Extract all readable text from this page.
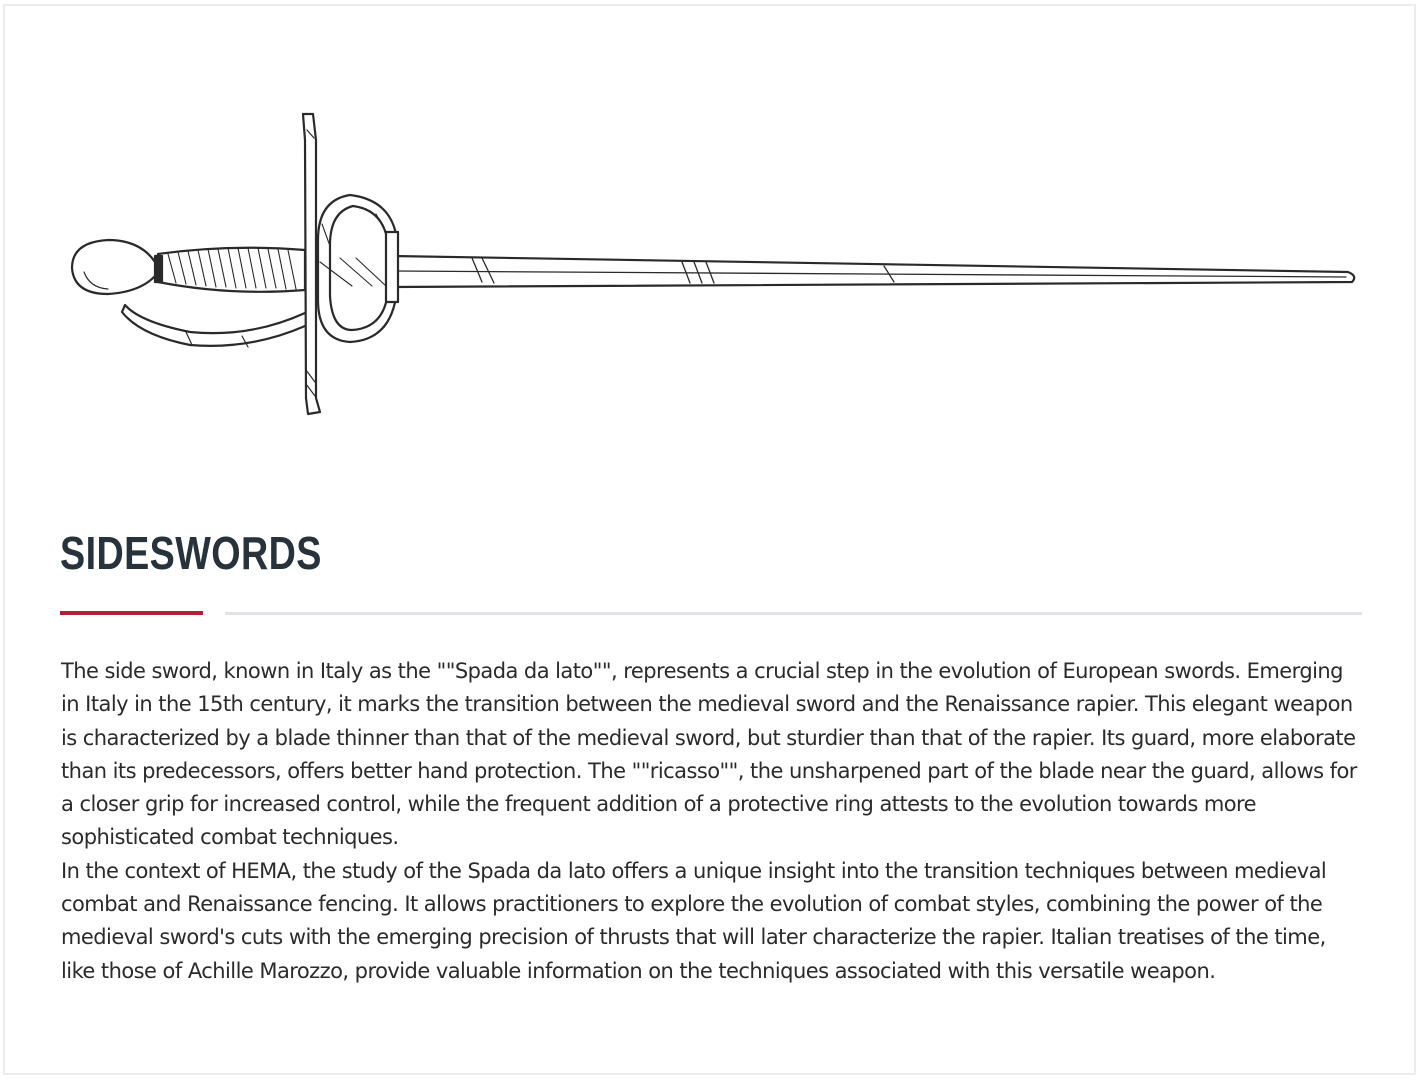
SIDESWORDS

The side sword, known in Italy as the ""Spada da lato"", represents a crucial step in the evolution of European swords. Emerging in Italy in the 15th century, it marks the transition between the medieval sword and the Renaissance rapier. This elegant weapon is characterized by a blade thinner than that of the medieval sword, but sturdier than that of the rapier. Its guard, more elaborate than its predecessors, offers better hand protection. The ""ricasso"", the unsharpened part of the blade near the guard, allows for a closer grip for increased control, while the frequent addition of a protective ring attests to the evolution towards more sophisticated combat techniques.

In the context of HEMA, the study of the Spada da lato offers a unique insight into the transition techniques between medieval combat and Renaissance fencing. It allows practitioners to explore the evolution of combat styles, combining the power of the medieval sword's cuts with the emerging precision of thrusts that will later characterize the rapier. Italian treatises of the time, like those of Achille Marozzo, provide valuable information on the techniques associated with this versatile weapon.
